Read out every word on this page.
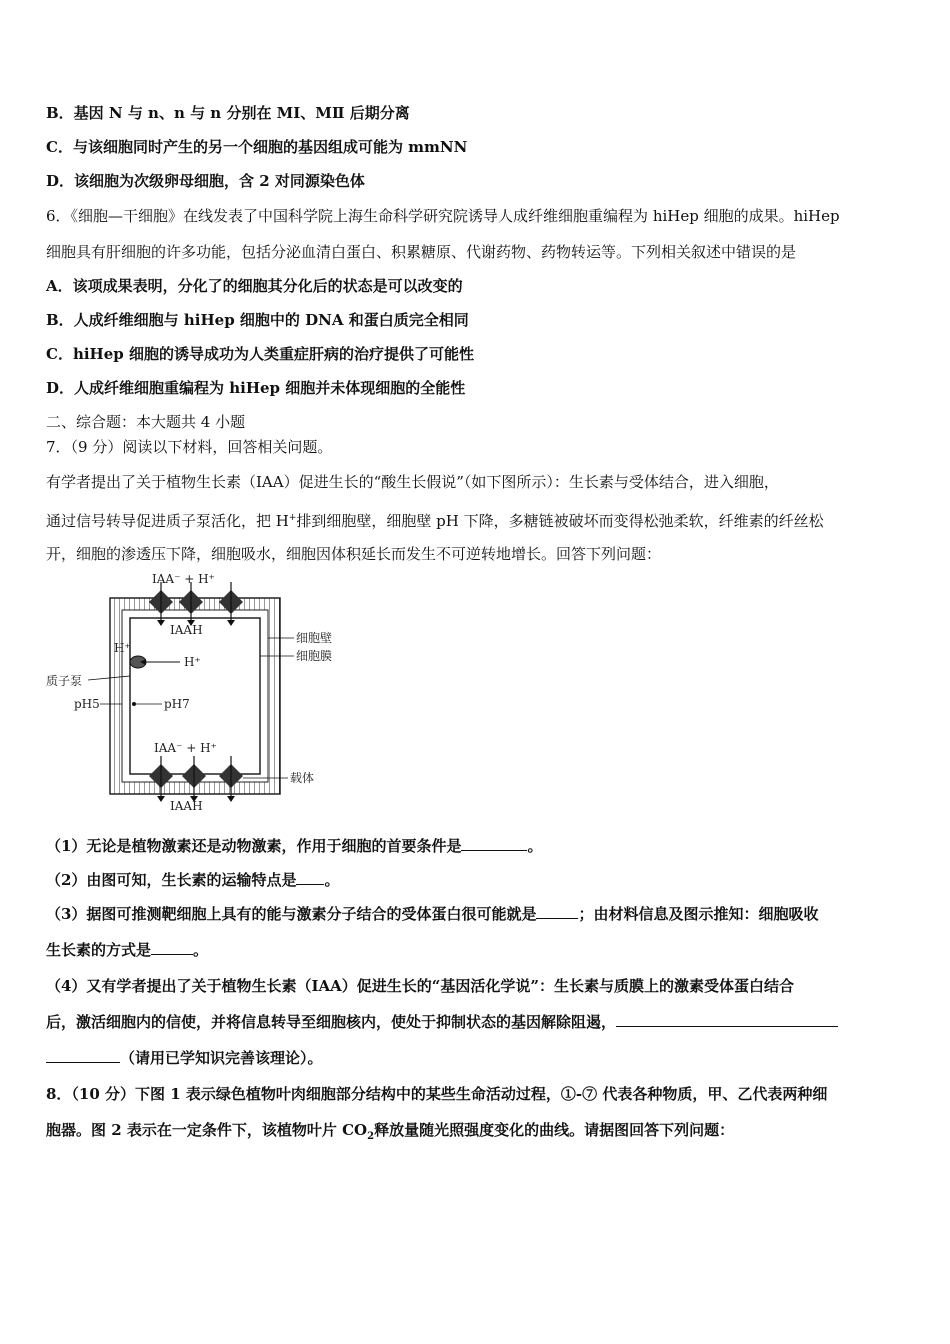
B．基因 N 与 n、n 与 n 分别在 MⅠ、MⅡ 后期分离
C．与该细胞同时产生的另一个细胞的基因组成可能为 mmNN
D．该细胞为次级卵母细胞，含 2 对同源染色体
6．《细胞—干细胞》在线发表了中国科学院上海生命科学研究院诱导人成纤维细胞重编程为 hiHep 细胞的成果。hiHep
细胞具有肝细胞的许多功能，包括分泌血清白蛋白、积累糖原、代谢药物、药物转运等。下列相关叙述中错误的是
A．该项成果表明，分化了的细胞其分化后的状态是可以改变的
B．人成纤维细胞与 hiHep 细胞中的 DNA 和蛋白质完全相同
C．hiHep 细胞的诱导成功为人类重症肝病的治疗提供了可能性
D．人成纤维细胞重编程为 hiHep 细胞并未体现细胞的全能性
二、综合题：本大题共 4 小题
7．（9 分）阅读以下材料，回答相关问题。
有学者提出了关于植物生长素（IAA）促进生长的“酸生长假说”（如下图所示）：生长素与受体结合，进入细胞，
通过信号转导促进质子泵活化，把 H+排到细胞壁，细胞壁 pH 下降，多糖链被破坏而变得松弛柔软，纤维素的纤丝松
开，细胞的渗透压下降，细胞吸水，细胞因体积延长而发生不可逆转地增长。回答下列问题：
IAA⁻ + H⁺
IAAH
H⁺
H⁺
质子泵
pH5	pH7
IAA⁻ + H⁺
IAAH
细胞壁
细胞膜
载体
（1）无论是植物激素还是动物激素，作用于细胞的首要条件是	。
（2）由图可知，生长素的运输特点是 。
（3）据图可推测靶细胞上具有的能与激素分子结合的受体蛋白很可能就是	；由材料信息及图示推知：细胞吸收
生长素的方式是	。
（4）又有学者提出了关于植物生长素（IAA）促进生长的“基因活化学说”：生长素与质膜上的激素受体蛋白结合
后，激活细胞内的信使，并将信息转导至细胞核内，使处于抑制状态的基因解除阻遏，
（请用已学知识完善该理论）。
8．（10 分）下图 1 表示绿色植物叶肉细胞部分结构中的某些生命活动过程，①-⑦ 代表各种物质，甲、乙代表两种细
胞器。图 2 表示在一定条件下，该植物叶片 $CO_2$释放量随光照强度变化的曲线。请据图回答下列问题：
